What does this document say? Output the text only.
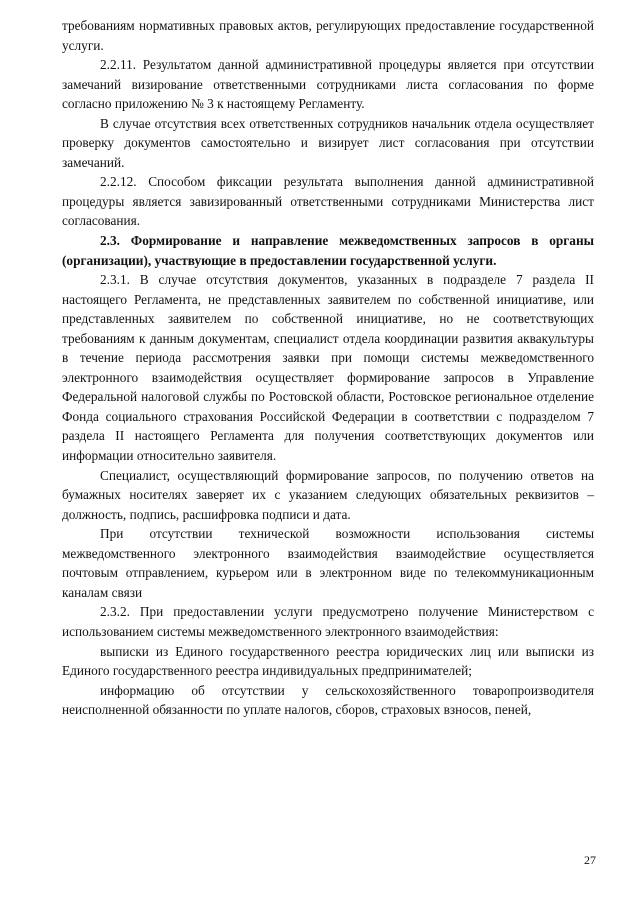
требованиям нормативных правовых актов, регулирующих предоставление государственной услуги.

2.2.11. Результатом данной административной процедуры является при отсутствии замечаний визирование ответственными сотрудниками листа согласования по форме согласно приложению № 3 к настоящему Регламенту.

В случае отсутствия всех ответственных сотрудников начальник отдела осуществляет проверку документов самостоятельно и визирует лист согласования при отсутствии замечаний.

2.2.12. Способом фиксации результата выполнения данной административной процедуры является завизированный ответственными сотрудниками Министерства лист согласования.

2.3. Формирование и направление межведомственных запросов в органы (организации), участвующие в предоставлении государственной услуги.

2.3.1. В случае отсутствия документов, указанных в подразделе 7 раздела II настоящего Регламента, не представленных заявителем по собственной инициативе, или представленных заявителем по собственной инициативе, но не соответствующих требованиям к данным документам, специалист отдела координации развития аквакультуры в течение периода рассмотрения заявки при помощи системы межведомственного электронного взаимодействия осуществляет формирование запросов в Управление Федеральной налоговой службы по Ростовской области, Ростовское региональное отделение Фонда социального страхования Российской Федерации в соответствии с подразделом 7 раздела II настоящего Регламента для получения соответствующих документов или информации относительно заявителя.

Специалист, осуществляющий формирование запросов, по получению ответов на бумажных носителях заверяет их с указанием следующих обязательных реквизитов – должность, подпись, расшифровка подписи и дата.

При отсутствии технической возможности использования системы межведомственного электронного взаимодействия взаимодействие осуществляется почтовым отправлением, курьером или в электронном виде по телекоммуникационным каналам связи

2.3.2. При предоставлении услуги предусмотрено получение Министерством с использованием системы межведомственного электронного взаимодействия:

выписки из Единого государственного реестра юридических лиц или выписки из Единого государственного реестра индивидуальных предпринимателей;

информацию об отсутствии у сельскохозяйственного товаропроизводителя неисполненной обязанности по уплате налогов, сборов, страховых взносов, пеней,

27
